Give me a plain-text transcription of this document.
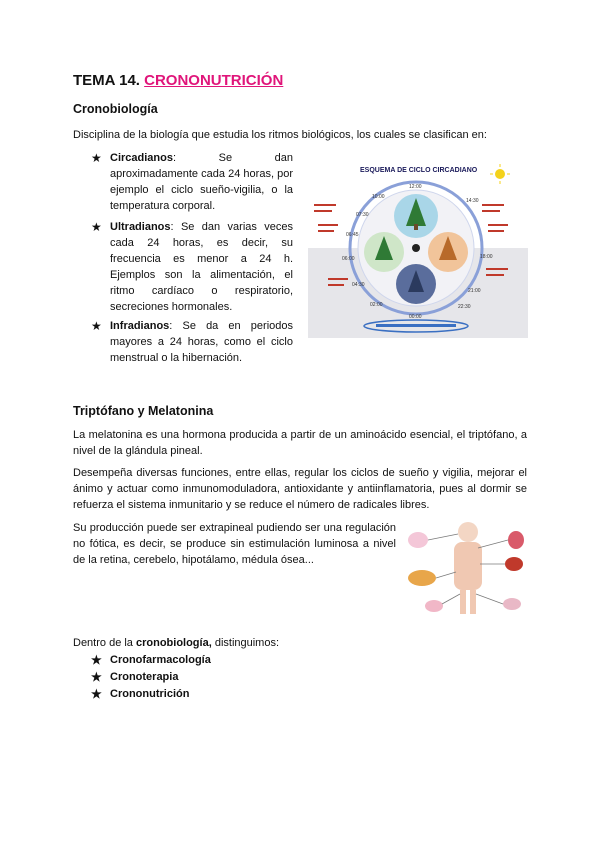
TEMA 14. CRONONUTRICIÓN
Cronobiología
Disciplina de la biología que estudia los ritmos biológicos, los cuales se clasifican en:
★ Circadianos: Se dan aproximadamente cada 24 horas, por ejemplo el ciclo sueño-vigilia, o la temperatura corporal.
★ Ultradianos: Se dan varias veces cada 24 horas, es decir, su frecuencia es menor a 24 h. Ejemplos son la alimentación, el ritmo cardíaco o respiratorio, secreciones hormonales.
★ Infradianos: Se da en periodos mayores a 24 horas, como el ciclo menstrual o la hibernación.
ESQUEMA DE CICLO CIRCADIANO
12:00
14:30
18:00
21:00
22:30
00:00
02:00
04:30
06:00
06:45
07:30
10:00
Triptófano y Melatonina
La melatonina es una hormona producida a partir de un aminoácido esencial, el triptófano, a nivel de la glándula pineal.
Desempeña diversas funciones, entre ellas, regular los ciclos de sueño y vigilia, mejorar el ánimo y actuar como inmunomoduladora, antioxidante y antiinflamatoria, pues al dormir se refuerza el sistema inmunitario y se reduce el número de radicales libres.
Su producción puede ser extrapineal pudiendo ser una regulación no fótica, es decir, se produce sin estimulación luminosa a nivel de la retina, cerebelo, hipotálamo, médula ósea...
Dentro de la cronobiología, distinguimos:
★ Cronofarmacología
★ Cronoterapia
★ Crononutrición
